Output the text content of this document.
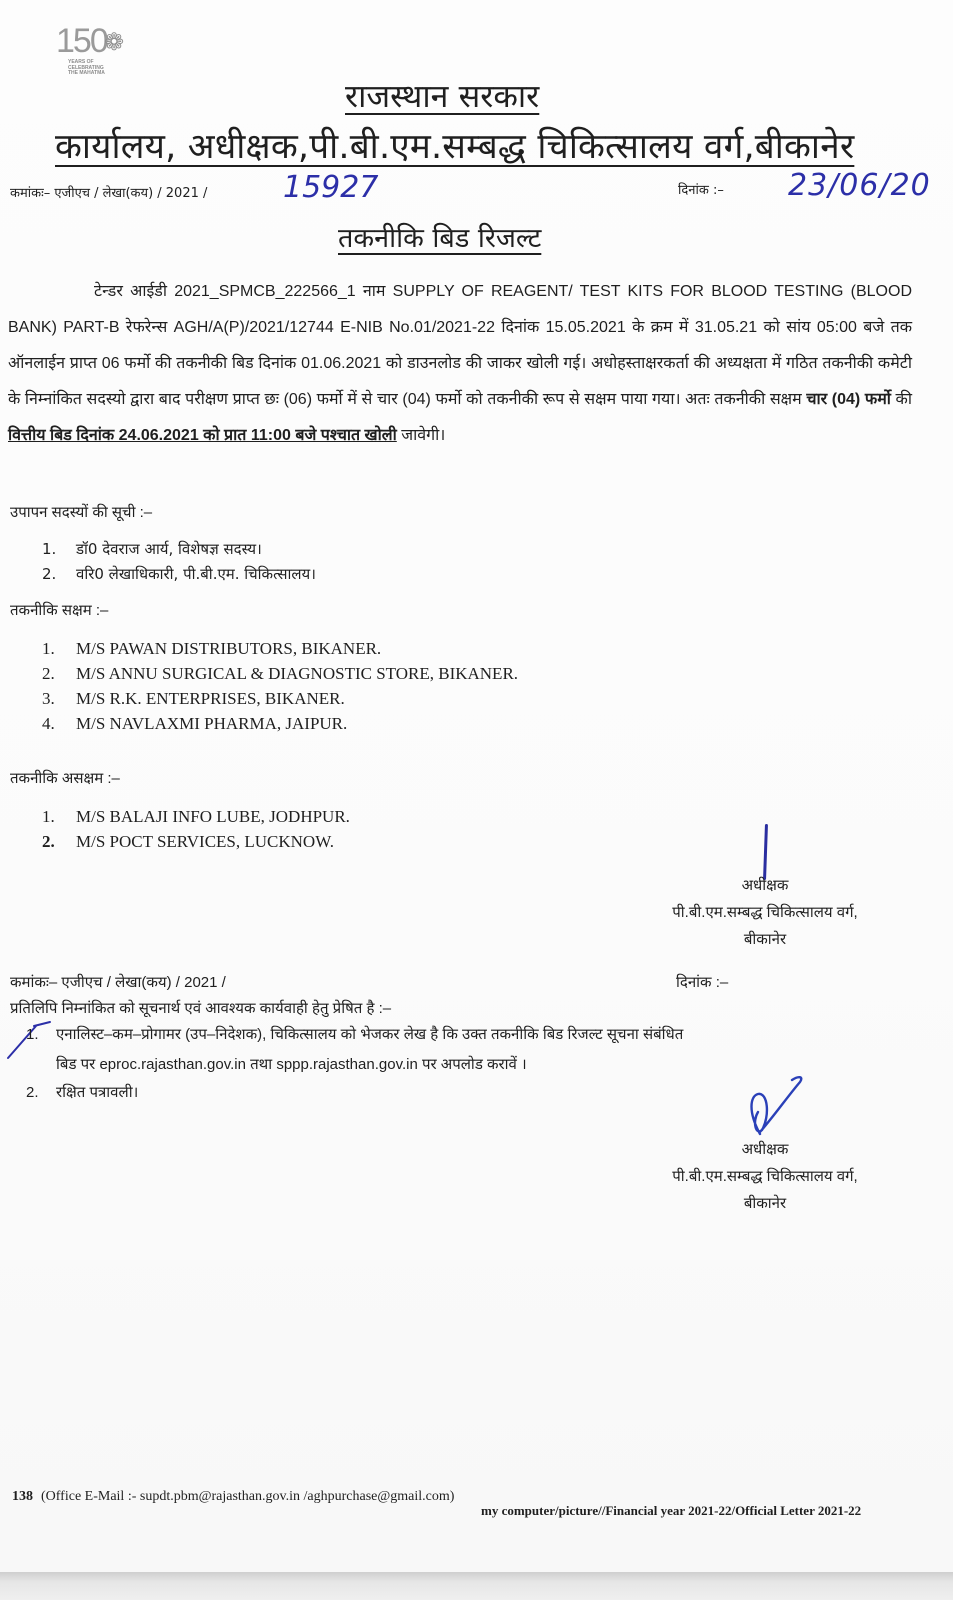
150
❁
YEARS OF
CELEBRATING
THE MAHATMA
राजस्थान सरकार
कार्यालय, अधीक्षक,पी.बी.एम.सम्बद्ध चिकित्सालय वर्ग,बीकानेर
कमांकः– एजीएच / लेखा(कय) / 2021 /	15927	दिनांक :– 23/06/20
तकनीकि बिड रिजल्ट
टेन्डर आईडी 2021_SPMCB_222566_1 नाम SUPPLY OF REAGENT/ TEST KITS FOR BLOOD TESTING (BLOOD BANK) PART-B रेफरेन्स AGH/A(P)/2021/12744 E-NIB No.01/2021-22 दिनांक 15.05.2021 के क्रम में 31.05.21 को सांय 05:00 बजे तक ऑनलाईन प्राप्त 06 फर्मो की तकनीकी बिड दिनांक 01.06.2021 को डाउनलोड की जाकर खोली गई। अधोहस्ताक्षरकर्ता की अध्यक्षता में गठित तकनीकी कमेटी के निम्नांकित सदस्यो द्वारा बाद परीक्षण प्राप्त छः (06) फर्मो में से चार (04) फर्मो को तकनीकी रूप से सक्षम पाया गया। अतः तकनीकी सक्षम चार (04) फर्मो की वित्तीय बिड दिनांक 24.06.2021 को प्रात 11:00 बजे पश्चात खोली जावेगी।
उपापन सदस्यों की सूची :–
1. डॉ0 देवराज आर्य, विशेषज्ञ सदस्य।
2. वरि0 लेखाधिकारी, पी.बी.एम. चिकित्सालय।
तकनीकि सक्षम :–
1. M/S PAWAN DISTRIBUTORS, BIKANER.
2. M/S ANNU SURGICAL & DIAGNOSTIC STORE, BIKANER.
3. M/S R.K. ENTERPRISES, BIKANER.
4. M/S NAVLAXMI PHARMA, JAIPUR.
तकनीकि असक्षम :–
1. M/S BALAJI INFO LUBE, JODHPUR.
2. M/S POCT SERVICES, LUCKNOW.
अधीक्षक
पी.बी.एम.सम्बद्ध चिकित्सालय वर्ग,
बीकानेर
कमांकः– एजीएच / लेखा(कय) / 2021 /	दिनांक :–
प्रतिलिपि निम्नांकित को सूचनार्थ एवं आवश्यक कार्यवाही हेतु प्रेषित है :–
1. एनालिस्ट–कम–प्रोगामर (उप–निदेशक), चिकित्सालय को भेजकर लेख है कि उक्त तकनीकि बिड रिजल्ट सूचना संबंधित
बिड पर eproc.rajasthan.gov.in तथा sppp.rajasthan.gov.in पर अपलोड करावें ।
2. रक्षित पत्रावली।
अधीक्षक
पी.बी.एम.सम्बद्ध चिकित्सालय वर्ग,
बीकानेर
138 (Office E-Mail :- supdt.pbm@rajasthan.gov.in /aghpurchase@gmail.com)
my computer/picture//Financial year 2021-22/Official Letter 2021-22
